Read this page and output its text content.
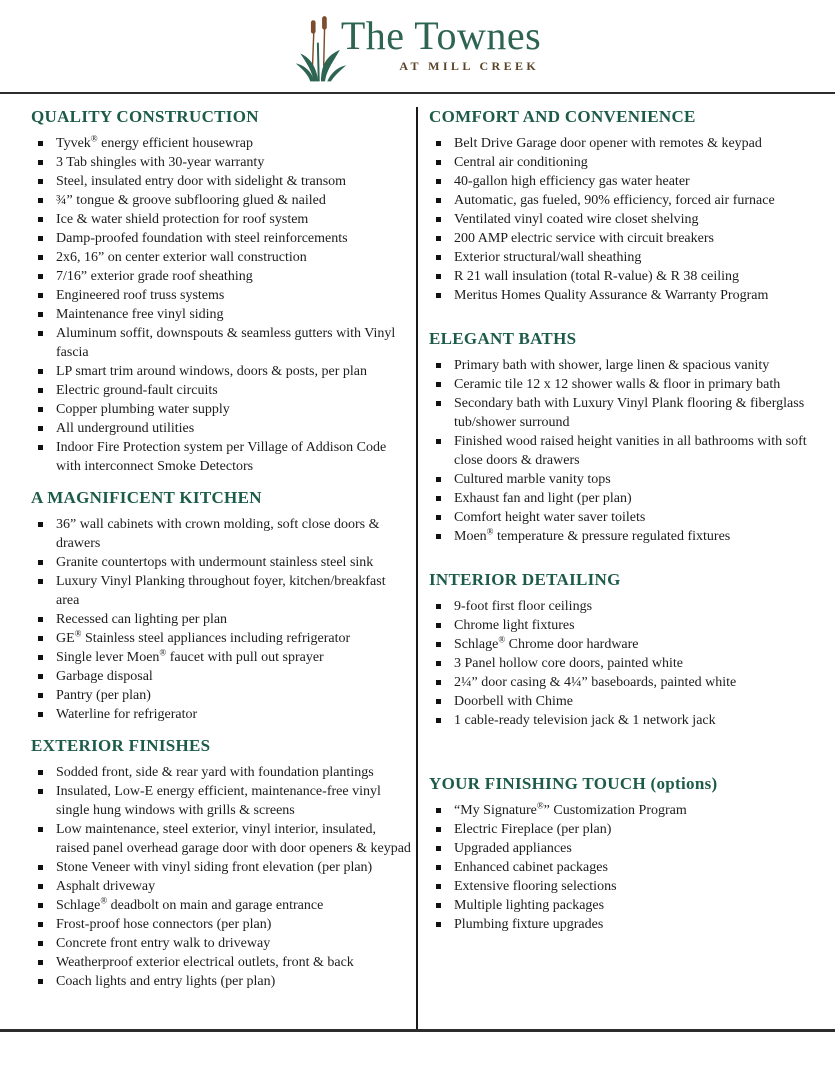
The Townes
AT MILL CREEK
QUALITY CONSTRUCTION
Tyvek® energy efficient housewrap
3 Tab shingles with 30-year warranty
Steel, insulated entry door with sidelight & transom
¾” tongue & groove subflooring glued & nailed
Ice & water shield protection for roof system
Damp-proofed foundation with steel reinforcements
2x6, 16” on center exterior wall construction
7/16” exterior grade roof sheathing
Engineered roof truss systems
Maintenance free vinyl siding
Aluminum soffit, downspouts & seamless gutters with Vinyl fascia
LP smart trim around windows, doors & posts, per plan
Electric ground-fault circuits
Copper plumbing water supply
All underground utilities
Indoor Fire Protection system per Village of Addison Code with interconnect Smoke Detectors
A MAGNIFICENT KITCHEN
36” wall cabinets with crown molding, soft close doors & drawers
Granite countertops with undermount stainless steel sink
Luxury Vinyl Planking throughout foyer, kitchen/breakfast area
Recessed can lighting per plan
GE® Stainless steel appliances including refrigerator
Single lever Moen® faucet with pull out sprayer
Garbage disposal
Pantry (per plan)
Waterline for refrigerator
EXTERIOR FINISHES
Sodded front, side & rear yard with foundation plantings
Insulated, Low-E energy efficient, maintenance-free vinyl single hung windows with grills & screens
Low maintenance, steel exterior, vinyl interior, insulated, raised panel overhead garage door with door openers & keypad
Stone Veneer with vinyl siding front elevation (per plan)
Asphalt driveway
Schlage® deadbolt on main and garage entrance
Frost-proof hose connectors (per plan)
Concrete front entry walk to driveway
Weatherproof exterior electrical outlets, front & back
Coach lights and entry lights (per plan)
COMFORT AND CONVENIENCE
Belt Drive Garage door opener with remotes & keypad
Central air conditioning
40-gallon high efficiency gas water heater
Automatic, gas fueled, 90% efficiency, forced air furnace
Ventilated vinyl coated wire closet shelving
200 AMP electric service with circuit breakers
Exterior structural/wall sheathing
R 21 wall insulation (total R-value) & R 38 ceiling
Meritus Homes Quality Assurance & Warranty Program
ELEGANT BATHS
Primary bath with shower, large linen & spacious vanity
Ceramic tile 12 x 12 shower walls & floor in primary bath
Secondary bath with Luxury Vinyl Plank flooring & fiberglass tub/shower surround
Finished wood raised height vanities in all bathrooms with soft close doors & drawers
Cultured marble vanity tops
Exhaust fan and light (per plan)
Comfort height water saver toilets
Moen® temperature & pressure regulated fixtures
INTERIOR DETAILING
9-foot first floor ceilings
Chrome light fixtures
Schlage® Chrome door hardware
3 Panel hollow core doors, painted white
2¼” door casing & 4¼” baseboards, painted white
Doorbell with Chime
1 cable-ready television jack & 1 network jack
YOUR FINISHING TOUCH (options)
“My Signature®” Customization Program
Electric Fireplace (per plan)
Upgraded appliances
Enhanced cabinet packages
Extensive flooring selections
Multiple lighting packages
Plumbing fixture upgrades
